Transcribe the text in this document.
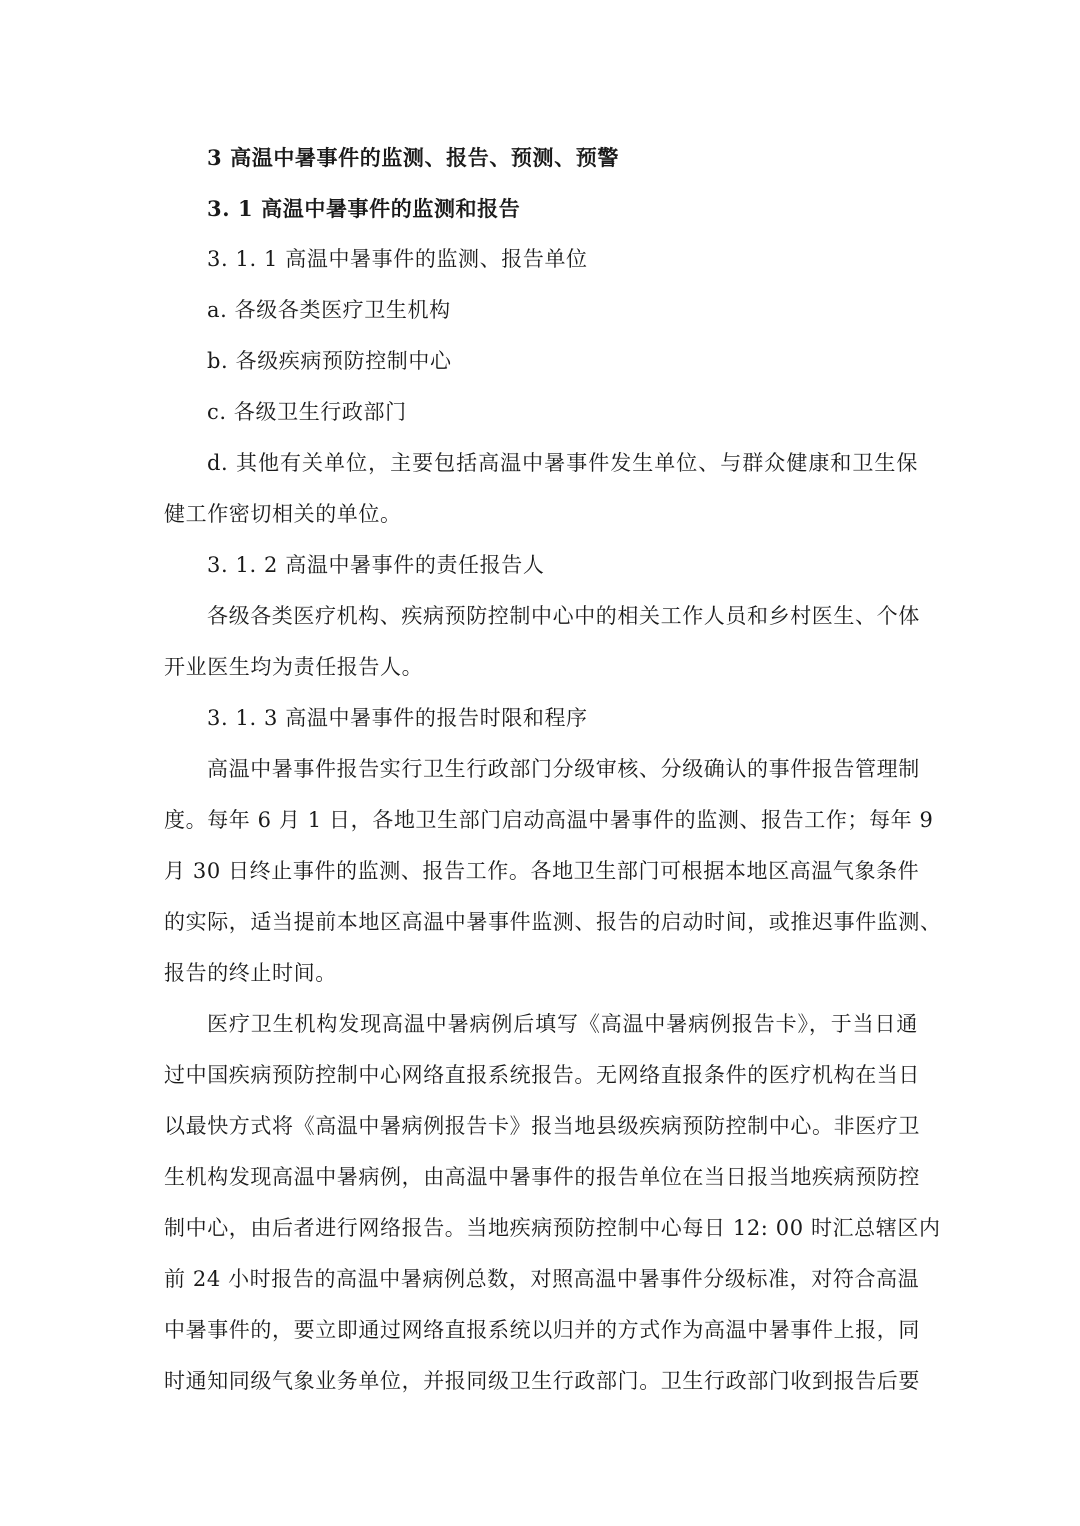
3 高温中暑事件的监测、报告、预测、预警

3. 1 高温中暑事件的监测和报告

3. 1. 1 高温中暑事件的监测、报告单位

a. 各级各类医疗卫生机构

b. 各级疾病预防控制中心

c. 各级卫生行政部门

d. 其他有关单位，主要包括高温中暑事件发生单位、与群众健康和卫生保

健工作密切相关的单位。

3. 1. 2 高温中暑事件的责任报告人

各级各类医疗机构、疾病预防控制中心中的相关工作人员和乡村医生、个体

开业医生均为责任报告人。

3. 1. 3 高温中暑事件的报告时限和程序

高温中暑事件报告实行卫生行政部门分级审核、分级确认的事件报告管理制

度。每年 6 月 1 日，各地卫生部门启动高温中暑事件的监测、报告工作；每年 9

月 30 日终止事件的监测、报告工作。各地卫生部门可根据本地区高温气象条件

的实际，适当提前本地区高温中暑事件监测、报告的启动时间，或推迟事件监测、

报告的终止时间。

医疗卫生机构发现高温中暑病例后填写《高温中暑病例报告卡》，于当日通

过中国疾病预防控制中心网络直报系统报告。无网络直报条件的医疗机构在当日

以最快方式将《高温中暑病例报告卡》报当地县级疾病预防控制中心。非医疗卫

生机构发现高温中暑病例，由高温中暑事件的报告单位在当日报当地疾病预防控

制中心，由后者进行网络报告。当地疾病预防控制中心每日 12: 00 时汇总辖区内

前 24 小时报告的高温中暑病例总数，对照高温中暑事件分级标准，对符合高温

中暑事件的，要立即通过网络直报系统以归并的方式作为高温中暑事件上报，同

时通知同级气象业务单位，并报同级卫生行政部门。卫生行政部门收到报告后要
